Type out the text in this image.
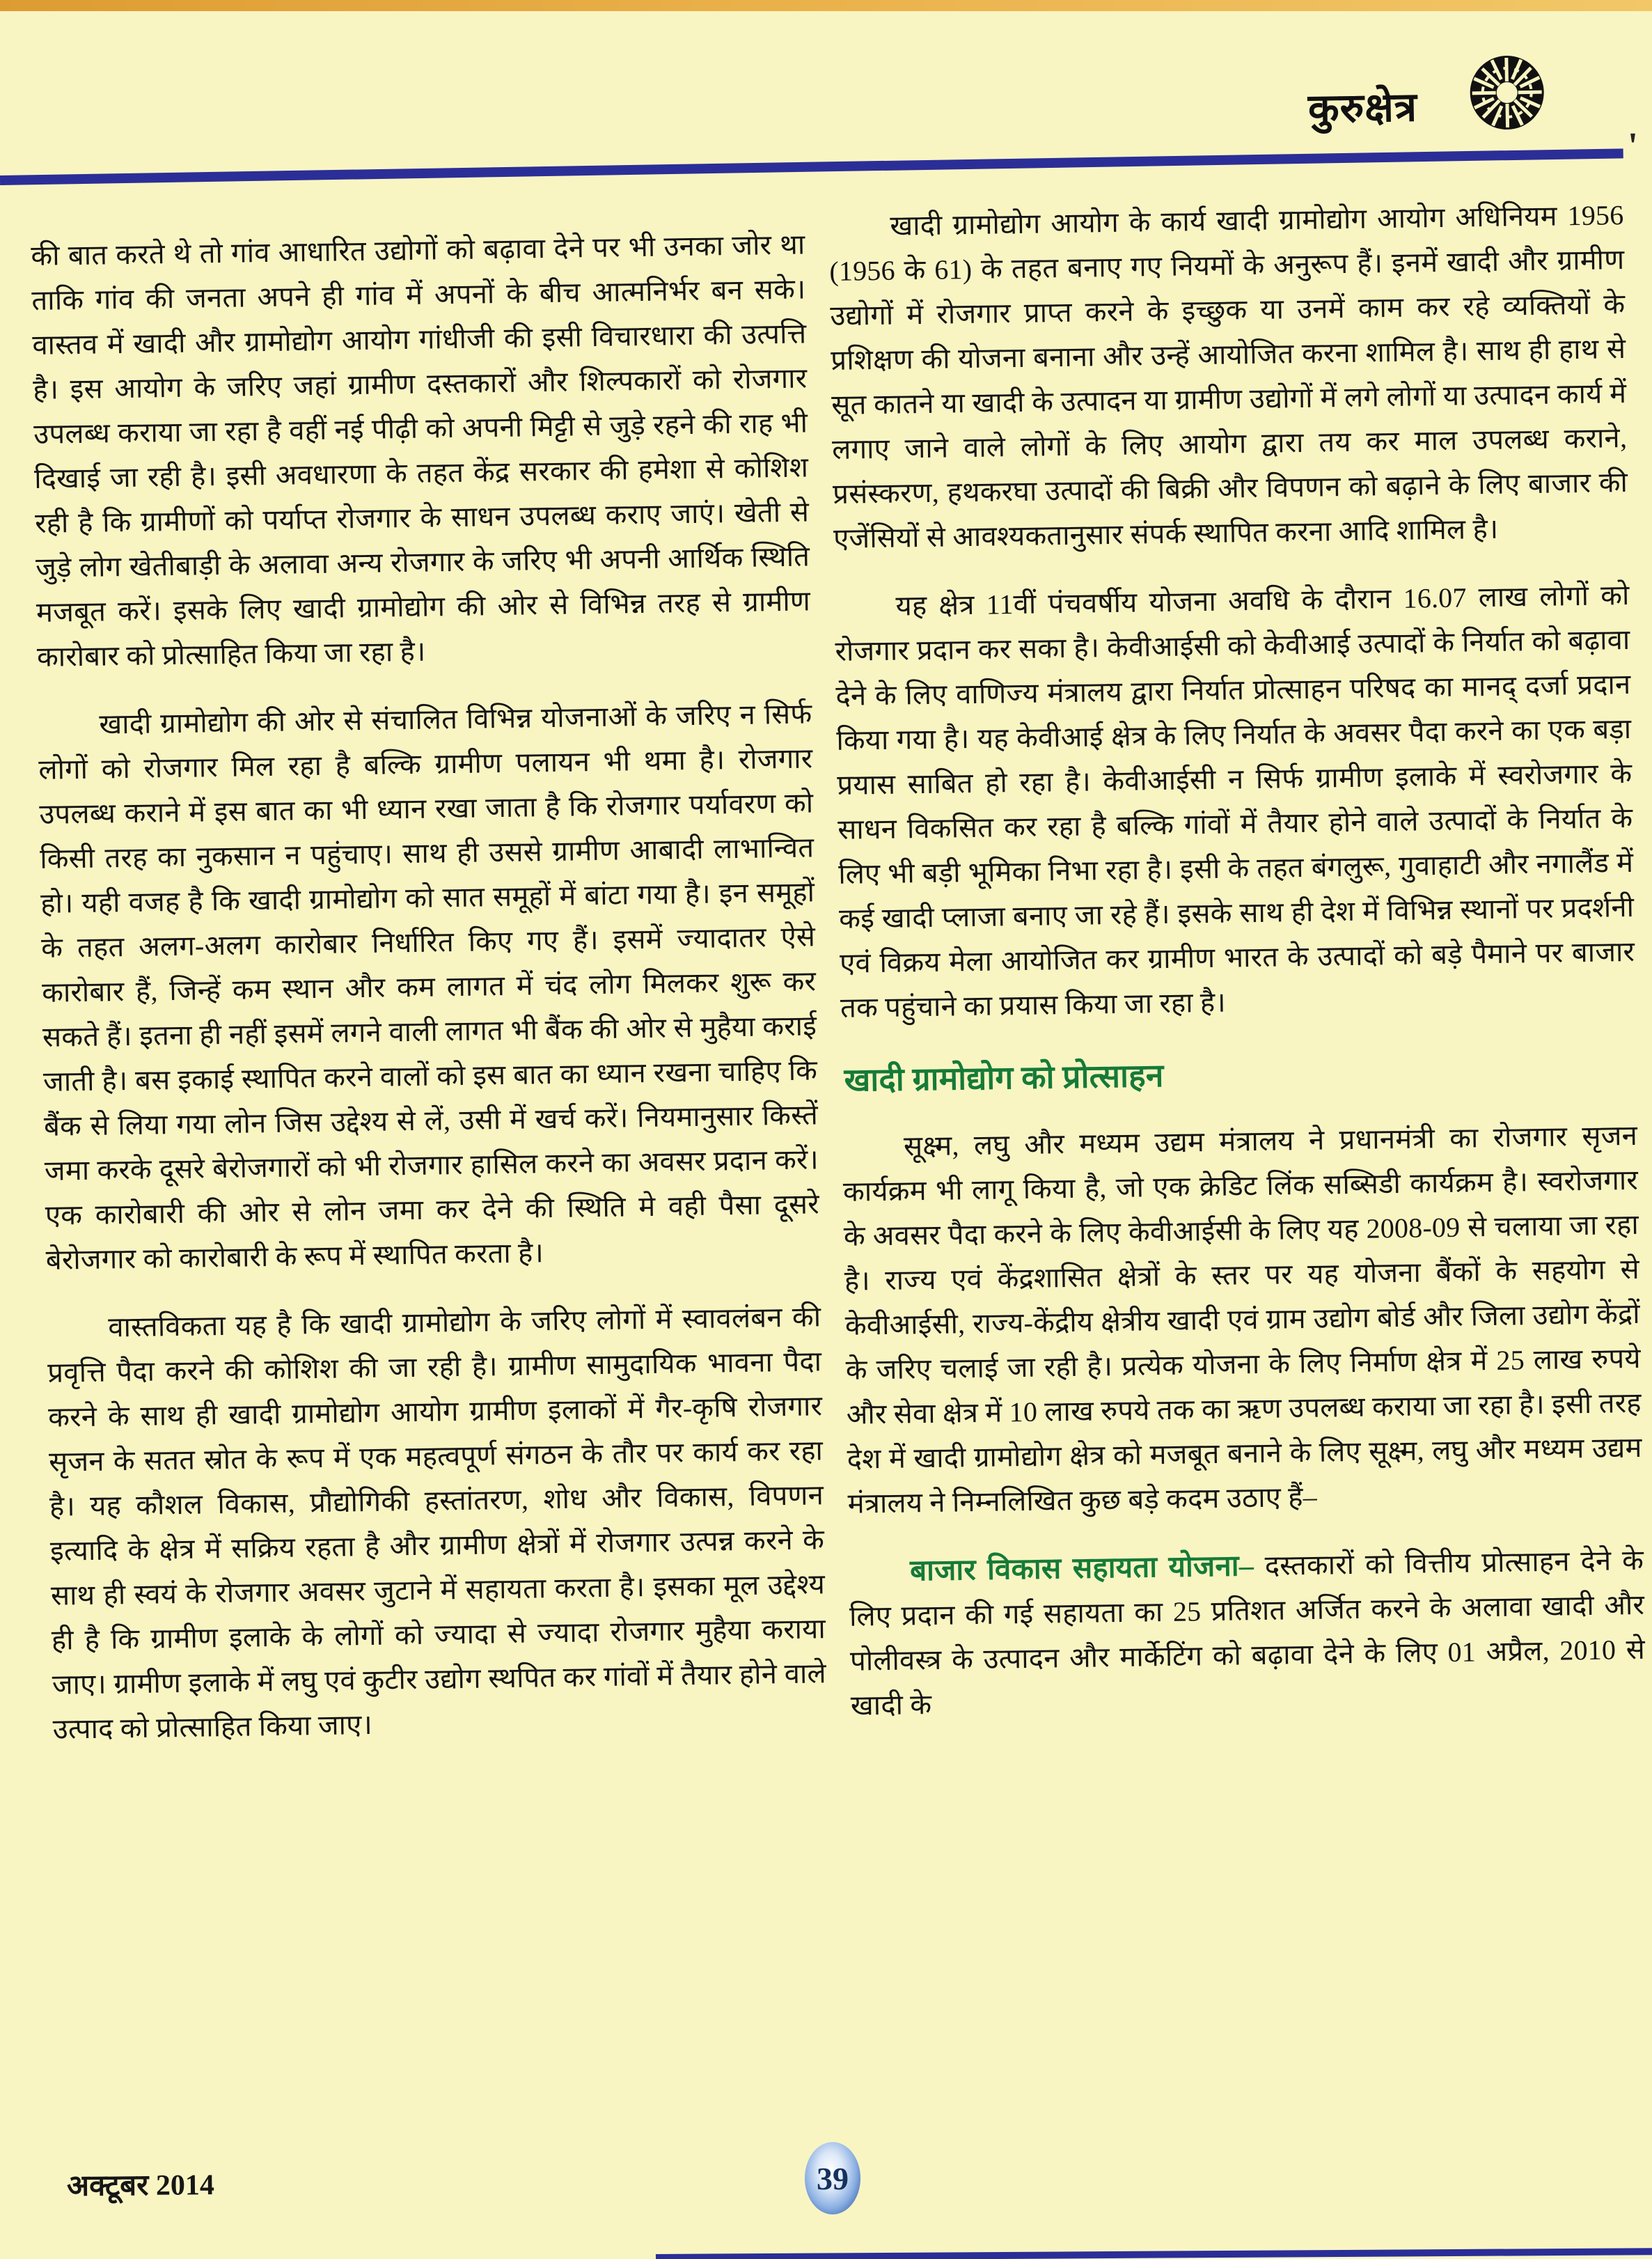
कुरुक्षेत्र
'

की बात करते थे तो गांव आधारित उद्योगों को बढ़ावा देने पर भी उनका जोर था ताकि गांव की जनता अपने ही गांव में अपनों के बीच आत्मनिर्भर बन सके। वास्तव में खादी और ग्रामोद्योग आयोग गांधीजी की इसी विचारधारा की उत्पत्ति है। इस आयोग के जरिए जहां ग्रामीण दस्तकारों और शिल्पकारों को रोजगार उपलब्ध कराया जा रहा है वहीं नई पीढ़ी को अपनी मिट्टी से जुड़े रहने की राह भी दिखाई जा रही है। इसी अवधारणा के तहत केंद्र सरकार की हमेशा से कोशिश रही है कि ग्रामीणों को पर्याप्त रोजगार के साधन उपलब्ध कराए जाएं। खेती से जुड़े लोग खेतीबाड़ी के अलावा अन्य रोजगार के जरिए भी अपनी आर्थिक स्थिति मजबूत करें। इसके लिए खादी ग्रामोद्योग की ओर से विभिन्न तरह से ग्रामीण कारोबार को प्रोत्साहित किया जा रहा है।

खादी ग्रामोद्योग की ओर से संचालित विभिन्न योजनाओं के जरिए न सिर्फ लोगों को रोजगार मिल रहा है बल्कि ग्रामीण पलायन भी थमा है। रोजगार उपलब्ध कराने में इस बात का भी ध्यान रखा जाता है कि रोजगार पर्यावरण को किसी तरह का नुकसान न पहुंचाए। साथ ही उससे ग्रामीण आबादी लाभान्वित हो। यही वजह है कि खादी ग्रामोद्योग को सात समूहों में बांटा गया है। इन समूहों के तहत अलग-अलग कारोबार निर्धारित किए गए हैं। इसमें ज्यादातर ऐसे कारोबार हैं, जिन्हें कम स्थान और कम लागत में चंद लोग मिलकर शुरू कर सकते हैं। इतना ही नहीं इसमें लगने वाली लागत भी बैंक की ओर से मुहैया कराई जाती है। बस इकाई स्थापित करने वालों को इस बात का ध्यान रखना चाहिए कि बैंक से लिया गया लोन जिस उद्देश्य से लें, उसी में खर्च करें। नियमानुसार किस्तें जमा करके दूसरे बेरोजगारों को भी रोजगार हासिल करने का अवसर प्रदान करें। एक कारोबारी की ओर से लोन जमा कर देने की स्थिति मे वही पैसा दूसरे बेरोजगार को कारोबारी के रूप में स्थापित करता है।

वास्तविकता यह है कि खादी ग्रामोद्योग के जरिए लोगों में स्वावलंबन की प्रवृत्ति पैदा करने की कोशिश की जा रही है। ग्रामीण सामुदायिक भावना पैदा करने के साथ ही खादी ग्रामोद्योग आयोग ग्रामीण इलाकों में गैर-कृषि रोजगार सृजन के सतत स्रोत के रूप में एक महत्वपूर्ण संगठन के तौर पर कार्य कर रहा है। यह कौशल विकास, प्रौद्योगिकी हस्तांतरण, शोध और विकास, विपणन इत्यादि के क्षेत्र में सक्रिय रहता है और ग्रामीण क्षेत्रों में रोजगार उत्पन्न करने के साथ ही स्वयं के रोजगार अवसर जुटाने में सहायता करता है। इसका मूल उद्देश्य ही है कि ग्रामीण इलाके के लोगों को ज्यादा से ज्यादा रोजगार मुहैया कराया जाए। ग्रामीण इलाके में लघु एवं कुटीर उद्योग स्थपित कर गांवों में तैयार होने वाले उत्पाद को प्रोत्साहित किया जाए।

खादी ग्रामोद्योग आयोग के कार्य खादी ग्रामोद्योग आयोग अधिनियम 1956 (1956 के 61) के तहत बनाए गए नियमों के अनुरूप हैं। इनमें खादी और ग्रामीण उद्योगों में रोजगार प्राप्त करने के इच्छुक या उनमें काम कर रहे व्यक्तियों के प्रशिक्षण की योजना बनाना और उन्हें आयोजित करना शामिल है। साथ ही हाथ से सूत कातने या खादी के उत्पादन या ग्रामीण उद्योगों में लगे लोगों या उत्पादन कार्य में लगाए जाने वाले लोगों के लिए आयोग द्वारा तय कर माल उपलब्ध कराने, प्रसंस्करण, हथकरघा उत्पादों की बिक्री और विपणन को बढ़ाने के लिए बाजार की एजेंसियों से आवश्यकतानुसार संपर्क स्थापित करना आदि शामिल है।

यह क्षेत्र 11वीं पंचवर्षीय योजना अवधि के दौरान 16.07 लाख लोगों को रोजगार प्रदान कर सका है। केवीआईसी को केवीआई उत्पादों के निर्यात को बढ़ावा देने के लिए वाणिज्य मंत्रालय द्वारा निर्यात प्रोत्साहन परिषद का मानद् दर्जा प्रदान किया गया है। यह केवीआई क्षेत्र के लिए निर्यात के अवसर पैदा करने का एक बड़ा प्रयास साबित हो रहा है। केवीआईसी न सिर्फ ग्रामीण इलाके में स्वरोजगार के साधन विकसित कर रहा है बल्कि गांवों में तैयार होने वाले उत्पादों के निर्यात के लिए भी बड़ी भूमिका निभा रहा है। इसी के तहत बंगलुरू, गुवाहाटी और नगालैंड में कई खादी प्लाजा बनाए जा रहे हैं। इसके साथ ही देश में विभिन्न स्थानों पर प्रदर्शनी एवं विक्रय मेला आयोजित कर ग्रामीण भारत के उत्पादों को बड़े पैमाने पर बाजार तक पहुंचाने का प्रयास किया जा रहा है।

खादी ग्रामोद्योग को प्रोत्साहन

सूक्ष्म, लघु और मध्यम उद्यम मंत्रालय ने प्रधानमंत्री का रोजगार सृजन कार्यक्रम भी लागू किया है, जो एक क्रेडिट लिंक सब्सिडी कार्यक्रम है। स्वरोजगार के अवसर पैदा करने के लिए केवीआईसी के लिए यह 2008-09 से चलाया जा रहा है। राज्य एवं केंद्रशासित क्षेत्रों के स्तर पर यह योजना बैंकों के सहयोग से केवीआईसी, राज्य-केंद्रीय क्षेत्रीय खादी एवं ग्राम उद्योग बोर्ड और जिला उद्योग केंद्रों के जरिए चलाई जा रही है। प्रत्येक योजना के लिए निर्माण क्षेत्र में 25 लाख रुपये और सेवा क्षेत्र में 10 लाख रुपये तक का ऋण उपलब्ध कराया जा रहा है। इसी तरह देश में खादी ग्रामोद्योग क्षेत्र को मजबूत बनाने के लिए सूक्ष्म, लघु और मध्यम उद्यम मंत्रालय ने निम्नलिखित कुछ बड़े कदम उठाए हैं–

बाजार विकास सहायता योजना– दस्तकारों को वित्तीय प्रोत्साहन देने के लिए प्रदान की गई सहायता का 25 प्रतिशत अर्जित करने के अलावा खादी और पोलीवस्त्र के उत्पादन और मार्केटिंग को बढ़ावा देने के लिए 01 अप्रैल, 2010 से खादी के

अक्टूबर 2014	39
